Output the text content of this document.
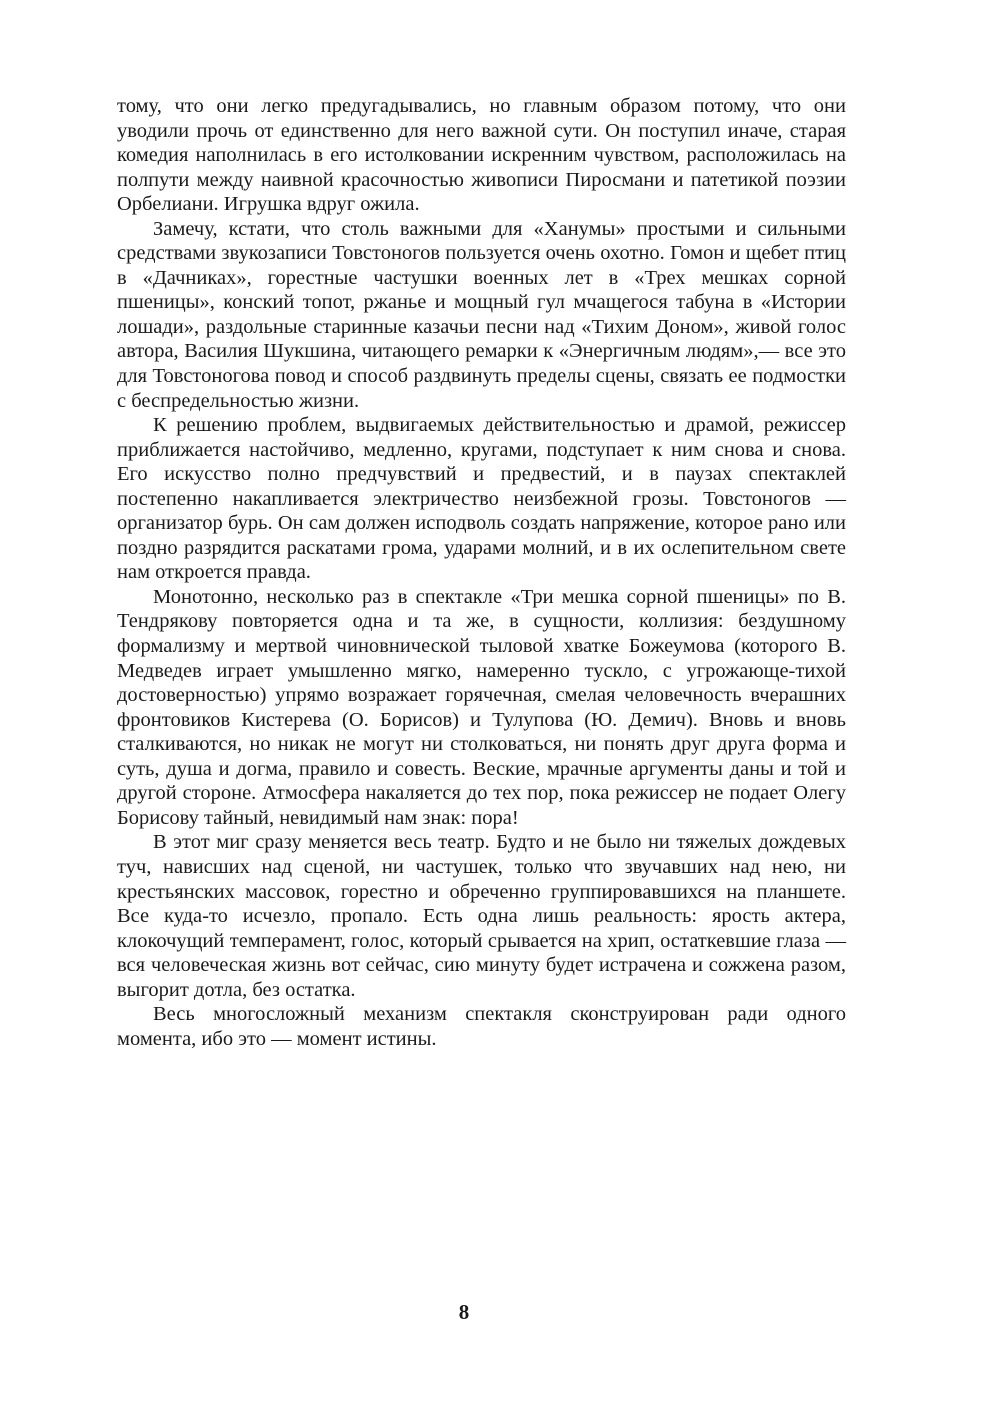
тому, что они легко предугадывались, но главным образом потому, что они уводили прочь от единственно для него важной сути. Он поступил иначе, старая комедия наполнилась в его истолковании искренним чувством, расположилась на полпути между наивной красочностью живописи Пиросмани и патетикой поэзии Орбелиани. Игрушка вдруг ожила.

Замечу, кстати, что столь важными для «Ханумы» простыми и сильными средствами звукозаписи Товстоногов пользуется очень охотно. Гомон и щебет птиц в «Дачниках», горестные частушки военных лет в «Трех мешках сорной пшеницы», конский топот, ржанье и мощный гул мчащегося табуна в «Истории лошади», раздольные старинные казачьи песни над «Тихим Доном», живой голос автора, Василия Шукшина, читающего ремарки к «Энергичным людям»,— все это для Товстоногова повод и способ раздвинуть пределы сцены, связать ее подмостки с беспредельностью жизни.

К решению проблем, выдвигаемых действительностью и драмой, режиссер приближается настойчиво, медленно, кругами, подступает к ним снова и снова. Его искусство полно предчувствий и предвестий, и в паузах спектаклей постепенно накапливается электричество неизбежной грозы. Товстоногов — организатор бурь. Он сам должен исподволь создать напряжение, которое рано или поздно разрядится раскатами грома, ударами молний, и в их ослепительном свете нам откроется правда.

Монотонно, несколько раз в спектакле «Три мешка сорной пшеницы» по В. Тендрякову повторяется одна и та же, в сущности, коллизия: бездушному формализму и мертвой чиновнической тыловой хватке Божеумова (которого В. Медведев играет умышленно мягко, намеренно тускло, с угрожающе-тихой достоверностью) упрямо возражает горячечная, смелая человечность вчерашних фронтовиков Кистерева (О. Борисов) и Тулупова (Ю. Демич). Вновь и вновь сталкиваются, но никак не могут ни столковаться, ни понять друг друга форма и суть, душа и догма, правило и совесть. Веские, мрачные аргументы даны и той и другой стороне. Атмосфера накаляется до тех пор, пока режиссер не подает Олегу Борисову тайный, невидимый нам знак: пора!

В этот миг сразу меняется весь театр. Будто и не было ни тяжелых дождевых туч, нависших над сценой, ни частушек, только что звучавших над нею, ни крестьянских массовок, горестно и обреченно группировавшихся на планшете. Все куда-то исчезло, пропало. Есть одна лишь реальность: ярость актера, клокочущий темперамент, голос, который срывается на хрип, остаткевшие глаза — вся человеческая жизнь вот сейчас, сию минуту будет истрачена и сожжена разом, выгорит дотла, без остатка.

Весь многосложный механизм спектакля сконструирован ради одного момента, ибо это — момент истины.

8
